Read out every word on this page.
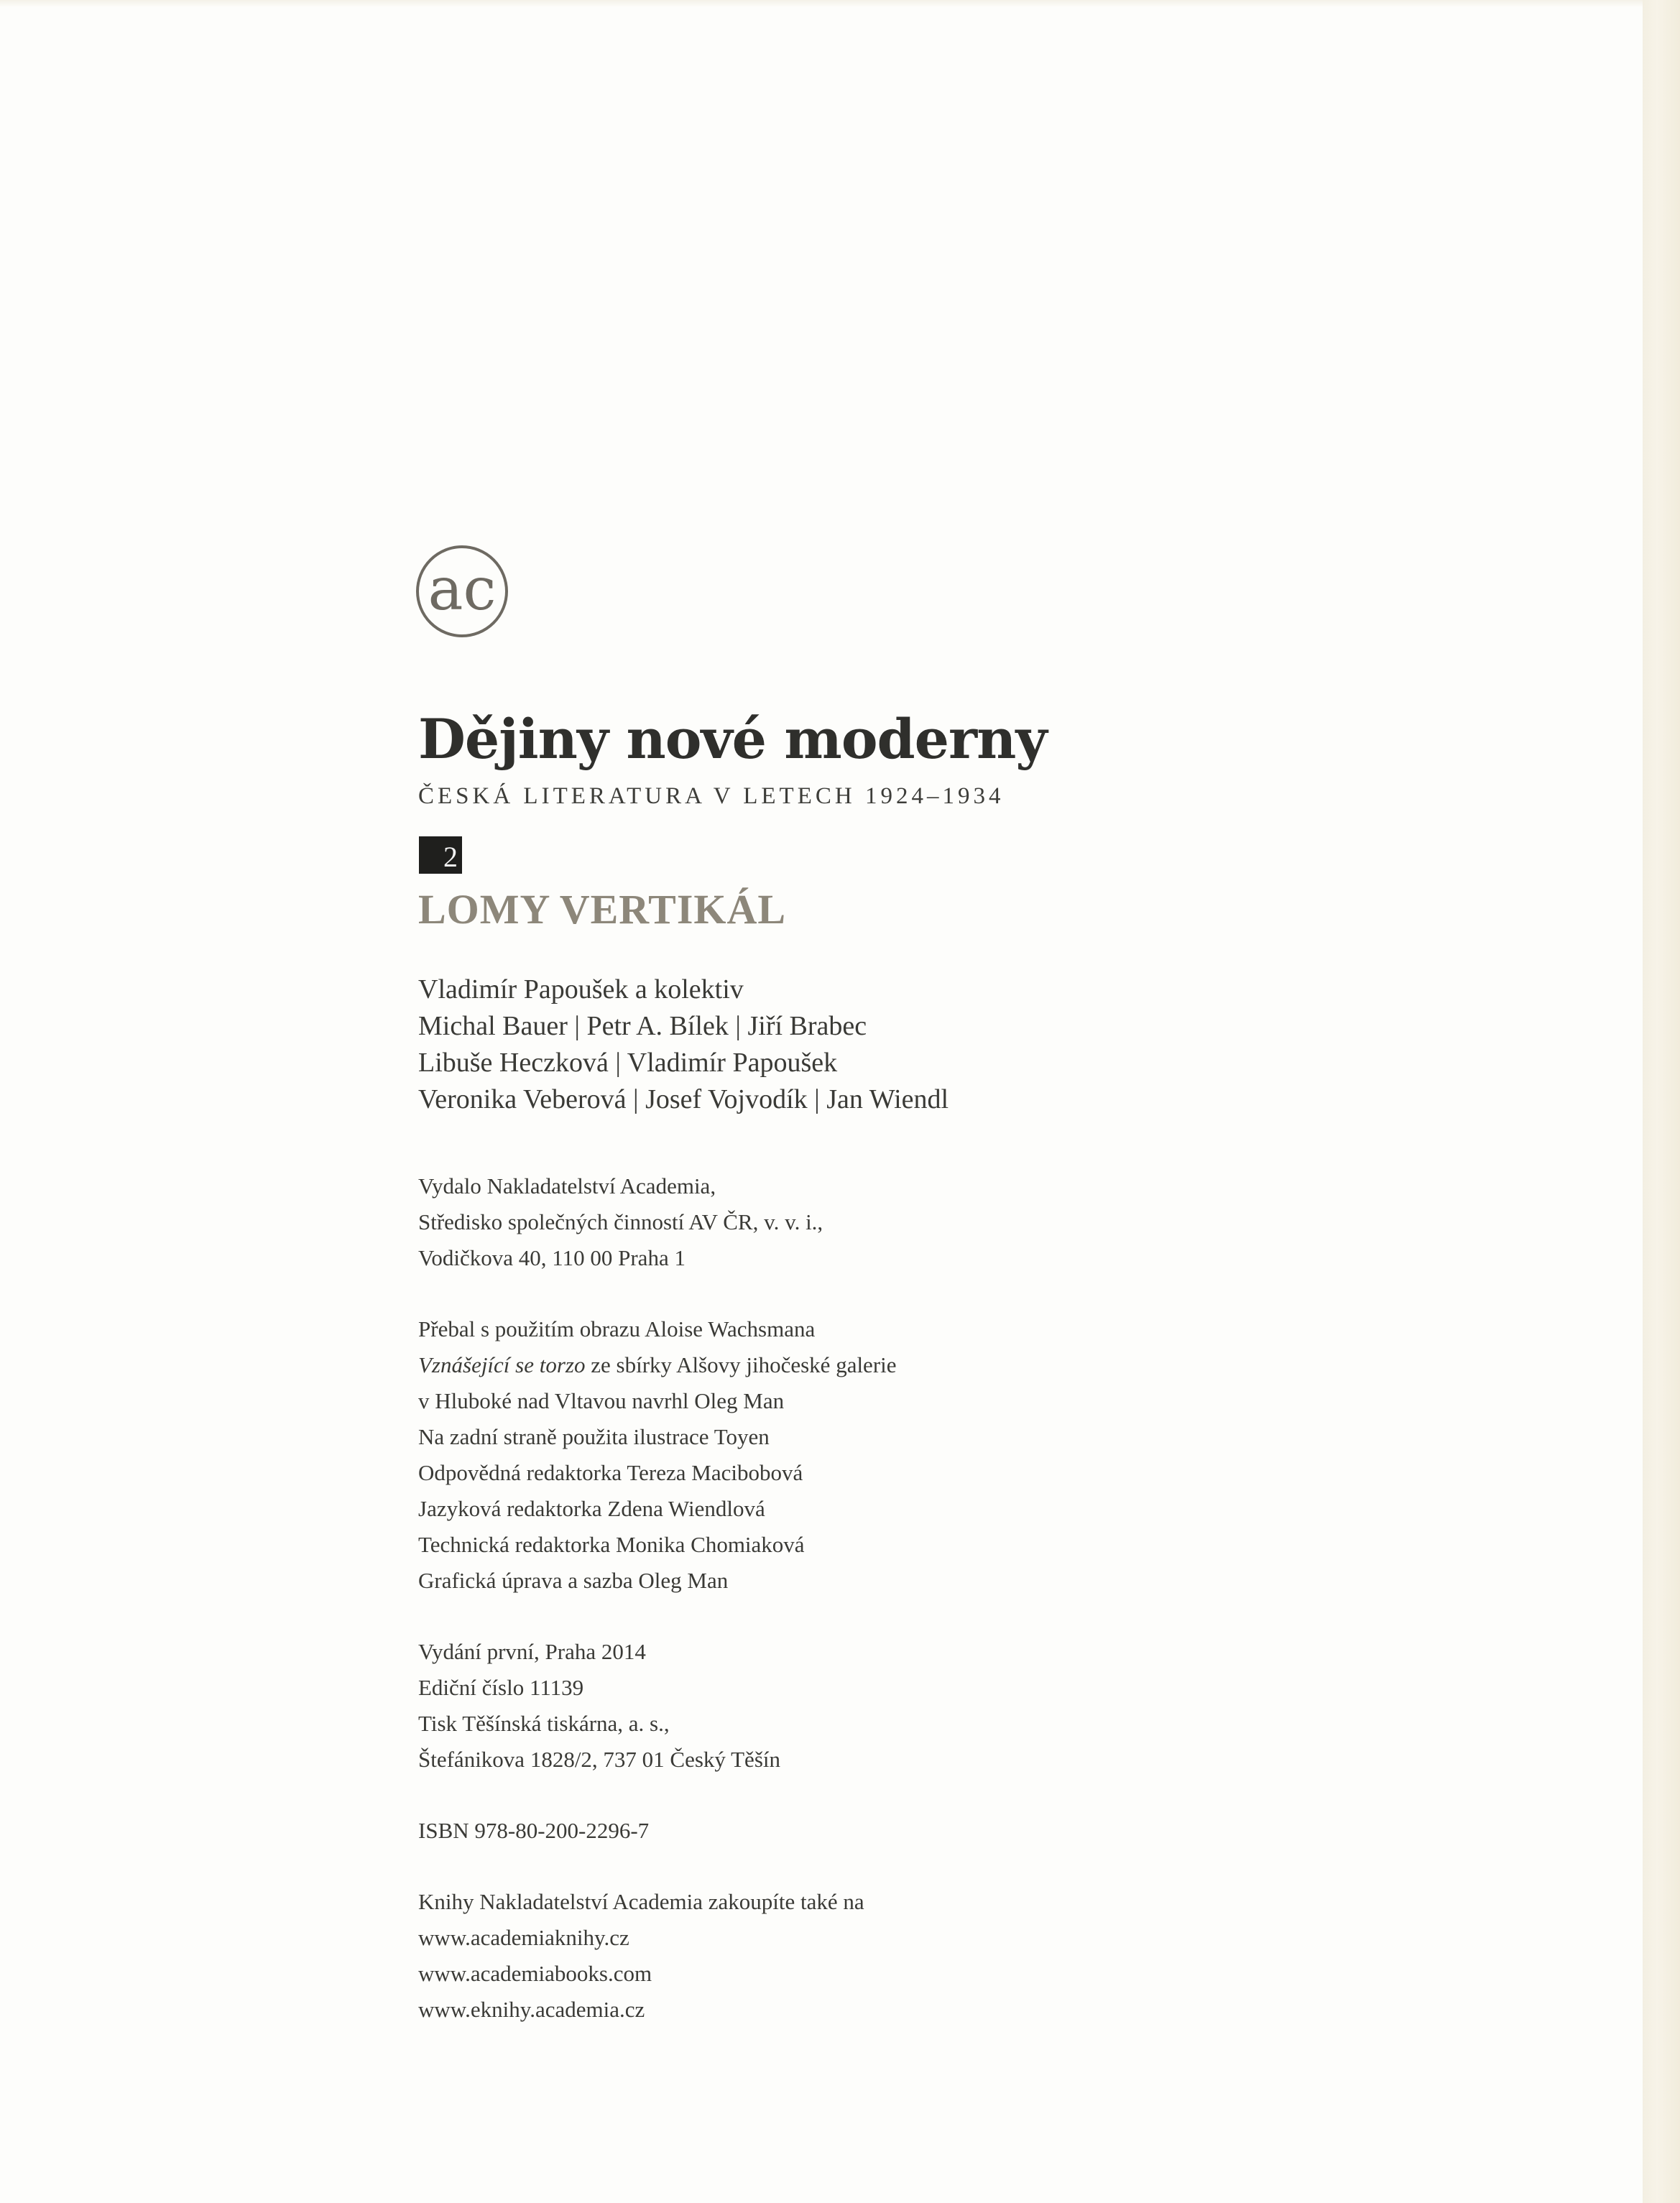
ac
Dějiny nové moderny
ČESKÁ LITERATURA V LETECH 1924–1934
2
LOMY VERTIKÁL
Vladimír Papoušek a kolektiv
Michal Bauer | Petr A. Bílek | Jiří Brabec
Libuše Heczková | Vladimír Papoušek
Veronika Veberová | Josef Vojvodík | Jan Wiendl
Vydalo Nakladatelství Academia,
Středisko společných činností AV ČR, v. v. i.,
Vodičkova 40, 110 00 Praha 1
Přebal s použitím obrazu Aloise Wachsmana
Vznášející se torzo ze sbírky Alšovy jihočeské galerie
v Hluboké nad Vltavou navrhl Oleg Man
Na zadní straně použita ilustrace Toyen
Odpovědná redaktorka Tereza Macibobová
Jazyková redaktorka Zdena Wiendlová
Technická redaktorka Monika Chomiaková
Grafická úprava a sazba Oleg Man
Vydání první, Praha 2014
Ediční číslo 11139
Tisk Těšínská tiskárna, a. s.,
Štefánikova 1828/2, 737 01 Český Těšín
ISBN 978-80-200-2296-7
Knihy Nakladatelství Academia zakoupíte také na
www.academiaknihy.cz
www.academiabooks.com
www.eknihy.academia.cz
